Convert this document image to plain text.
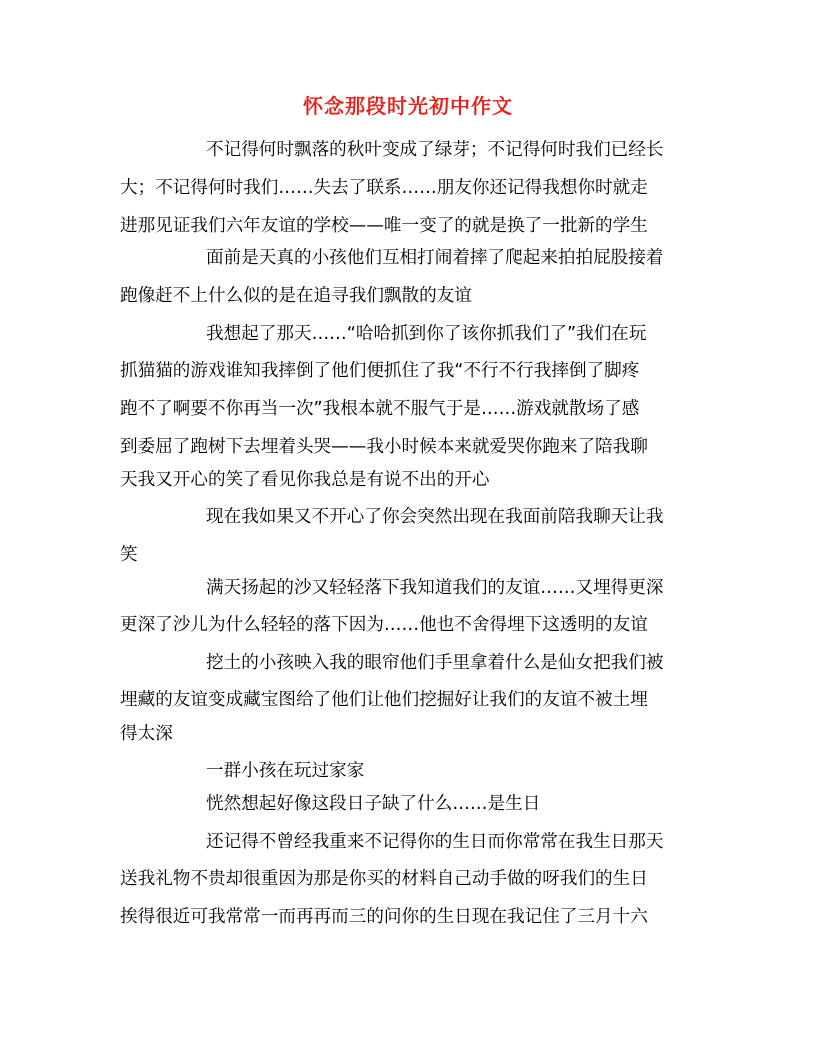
怀念那段时光初中作文
不记得何时飘落的秋叶变成了绿芽；不记得何时我们已经长
大；不记得何时我们……失去了联系……朋友你还记得我想你时就走
进那见证我们六年友谊的学校——唯一变了的就是换了一批新的学生
面前是天真的小孩他们互相打闹着摔了爬起来拍拍屁股接着
跑像赶不上什么似的是在追寻我们飘散的友谊
我想起了那天……“哈哈抓到你了该你抓我们了”我们在玩
抓猫猫的游戏谁知我摔倒了他们便抓住了我“不行不行我摔倒了脚疼
跑不了啊要不你再当一次”我根本就不服气于是……游戏就散场了感
到委屈了跑树下去埋着头哭——我小时候本来就爱哭你跑来了陪我聊
天我又开心的笑了看见你我总是有说不出的开心
现在我如果又不开心了你会突然出现在我面前陪我聊天让我
笑
满天扬起的沙又轻轻落下我知道我们的友谊……又埋得更深
更深了沙儿为什么轻轻的落下因为……他也不舍得埋下这透明的友谊
挖土的小孩映入我的眼帘他们手里拿着什么是仙女把我们被
埋藏的友谊变成藏宝图给了他们让他们挖掘好让我们的友谊不被土埋
得太深
一群小孩在玩过家家
恍然想起好像这段日子缺了什么……是生日
还记得不曾经我重来不记得你的生日而你常常在我生日那天
送我礼物不贵却很重因为那是你买的材料自己动手做的呀我们的生日
挨得很近可我常常一而再再而三的问你的生日现在我记住了三月十六
